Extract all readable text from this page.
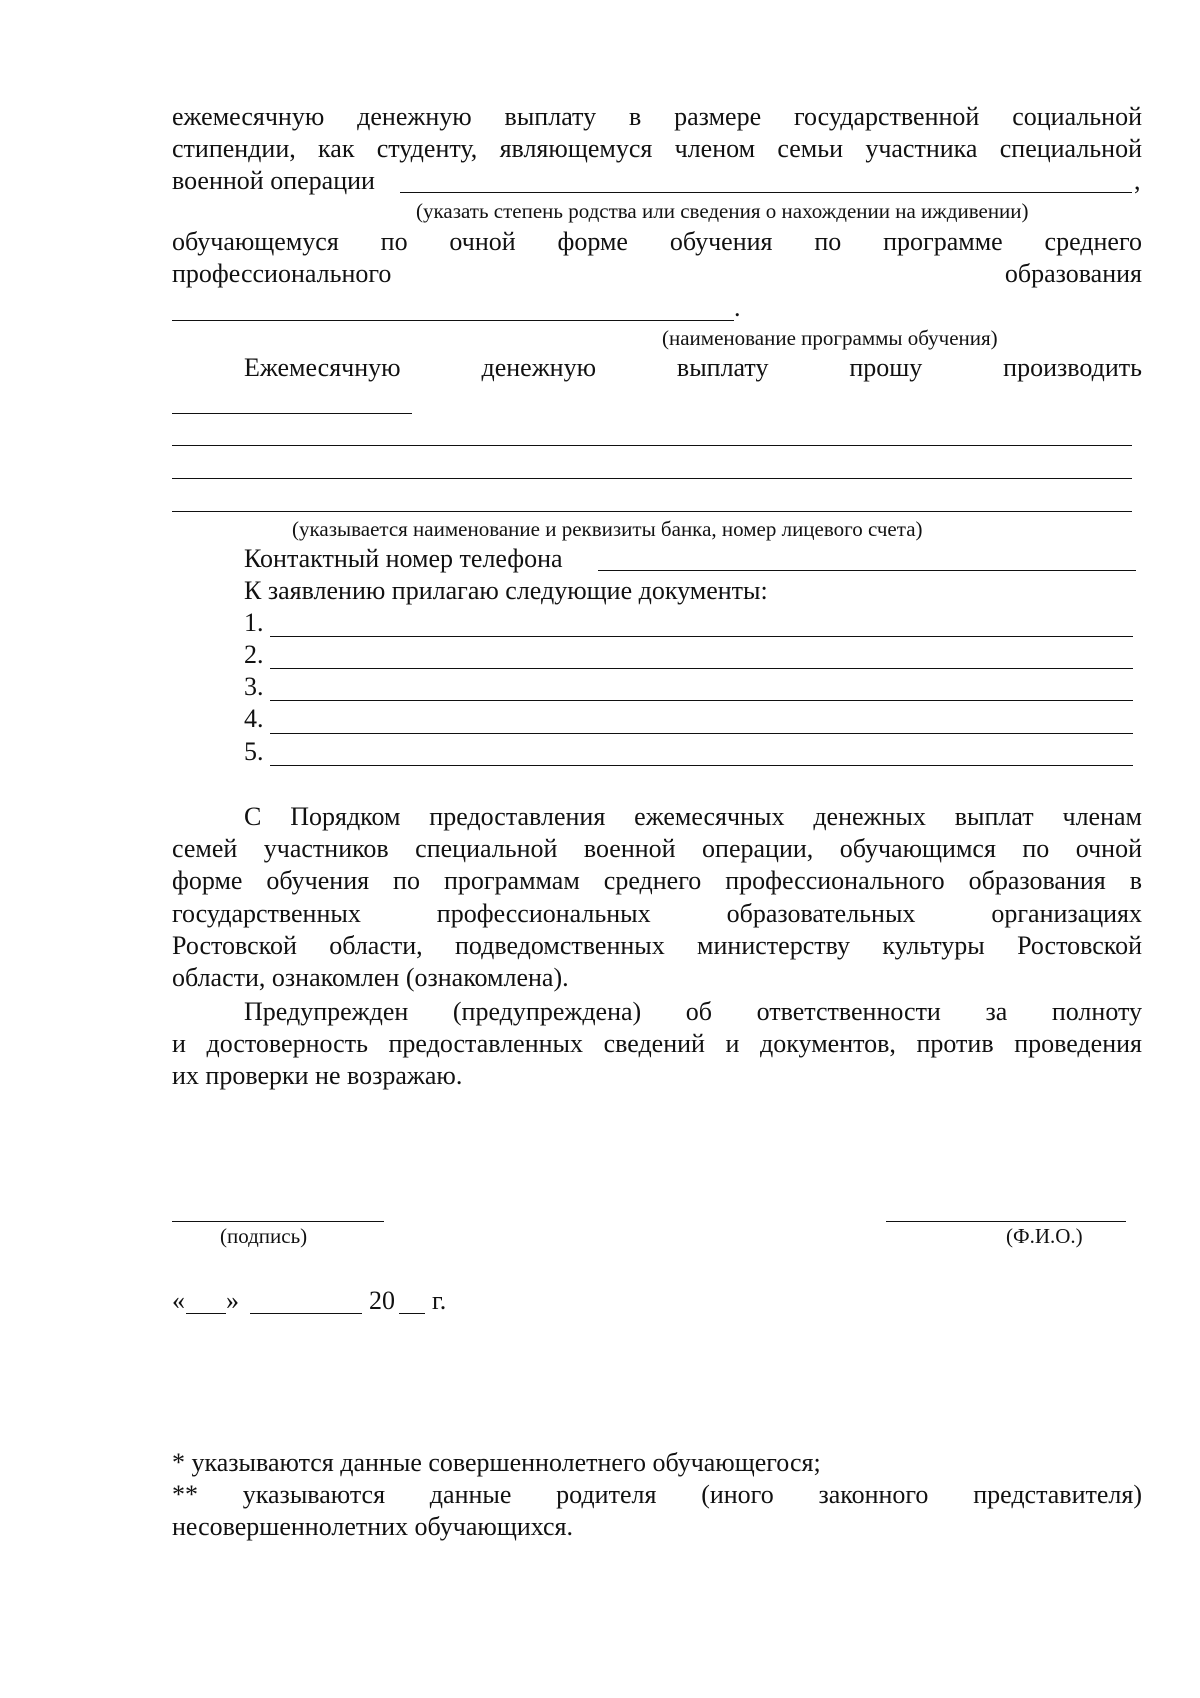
ежемесячную денежную выплату в размере государственной социальной
стипендии, как студенту, являющемуся членом семьи участника специальной
военной операции	,
(указать степень родства или сведения о нахождении на иждивении)
обучающемуся по очной форме обучения по программе среднего
профессионального	образования
.
(наименование программы обучения)
Ежемесячную	денежную	выплату	прошу	производить
(указывается наименование и реквизиты банка, номер лицевого счета)
Контактный номер телефона
К заявлению прилагаю следующие документы:
1.
2.
3.
4.
5.
С Порядком предоставления ежемесячных денежных выплат членам
семей участников специальной военной операции, обучающимся по очной
форме обучения по программам среднего профессионального образования в
государственных профессиональных образовательных организациях
Ростовской области, подведомственных министерству культуры Ростовской
области, ознакомлен (ознакомлена).
Предупрежден (предупреждена) об ответственности за полноту
и достоверность предоставленных сведений и документов, против проведения
их проверки не возражаю.
(подпись)	(Ф.И.О.)
« »	20 г.
* указываются данные совершеннолетнего обучающегося;
** указываются данные родителя (иного законного представителя)
несовершеннолетних обучающихся.
